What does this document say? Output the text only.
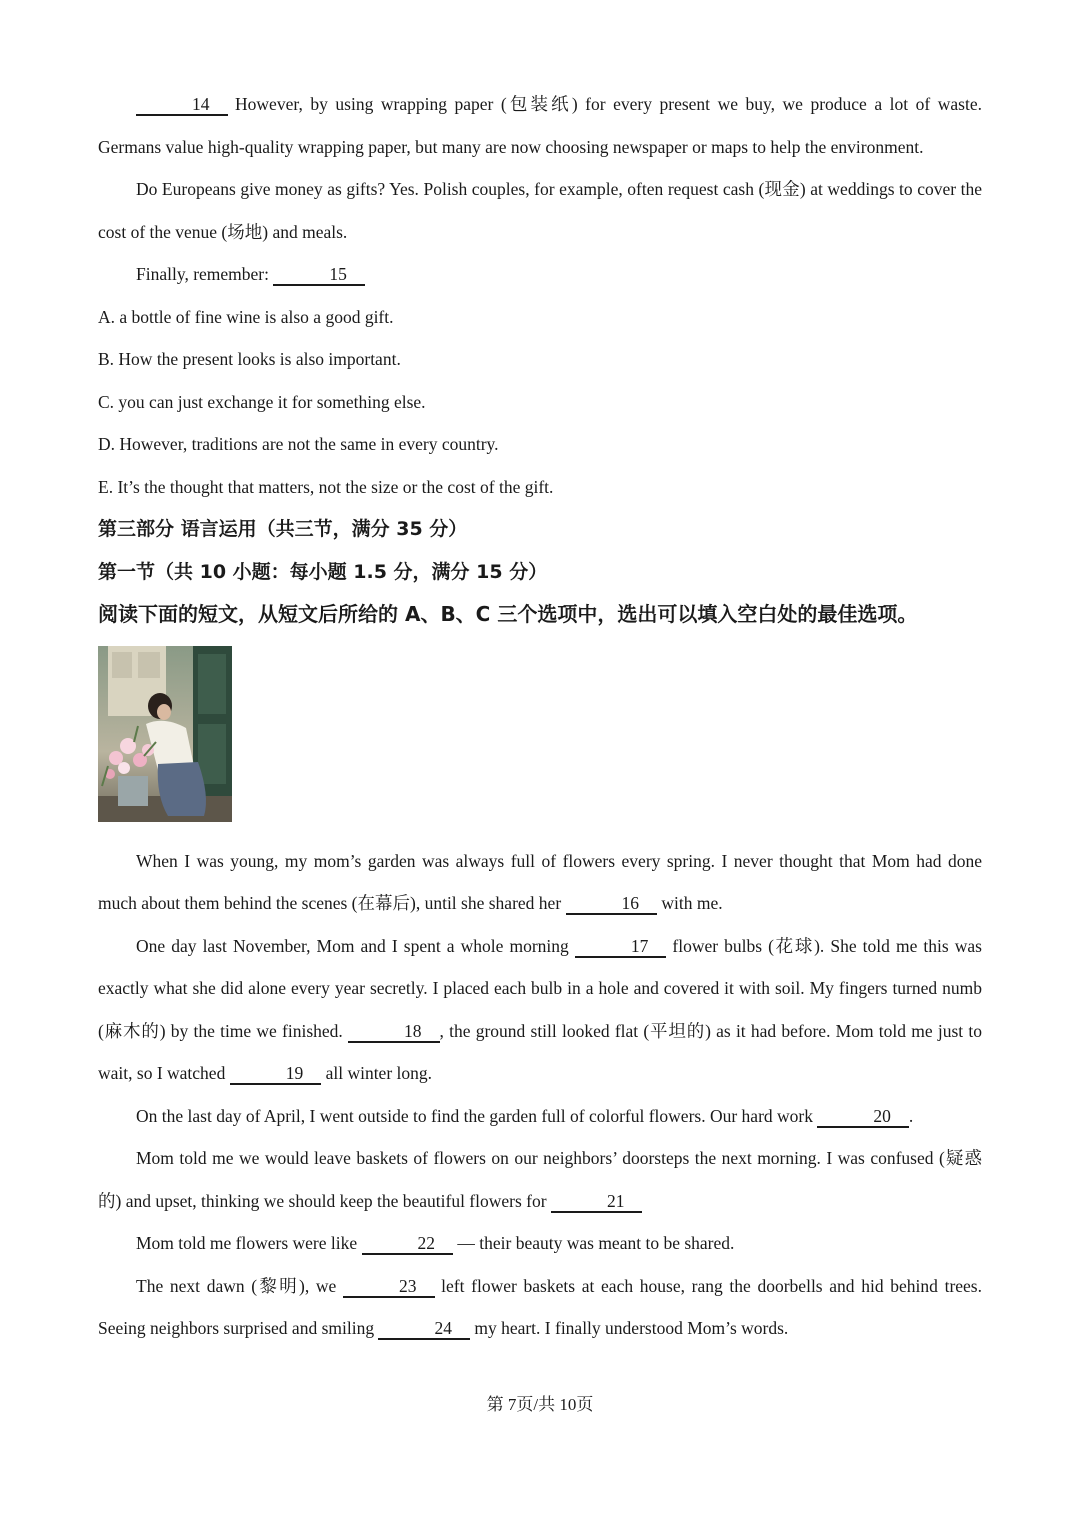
14 However, by using wrapping paper (包装纸) for every present we buy, we produce a lot of waste. Germans value high-quality wrapping paper, but many are now choosing newspaper or maps to help the environment.

Do Europeans give money as gifts? Yes. Polish couples, for example, often request cash (现金) at weddings to cover the cost of the venue (场地) and meals.

Finally, remember:	15

A. a bottle of fine wine is also a good gift.

B. How the present looks is also important.

C. you can just exchange it for something else.

D. However, traditions are not the same in every country.

E. It’s the thought that matters, not the size or the cost of the gift.

第三部分 语言运用（共三节，满分 35 分）
第一节（共 10 小题：每小题 1.5 分，满分 15 分）
阅读下面的短文，从短文后所给的 A、B、C 三个选项中，选出可以填入空白处的最佳选项。

When I was young, my mom’s garden was always full of flowers every spring. I never thought that Mom had done much about them behind the scenes (在幕后), until she shared her	16 with me.

One day last November, Mom and I spent a whole morning	17 flower bulbs (花球). She told me this was exactly what she did alone every year secretly. I placed each bulb in a hole and covered it with soil. My fingers turned numb (麻木的) by the time we finished.	18 , the ground still looked flat (平坦的) as it had before. Mom told me just to wait, so I watched	19 all winter long.

On the last day of April, I went outside to find the garden full of colorful flowers. Our hard work	20 .

Mom told me we would leave baskets of flowers on our neighbors’ doorsteps the next morning. I was confused (疑惑的) and upset, thinking we should keep the beautiful flowers for	21

Mom told me flowers were like	22 — their beauty was meant to be shared.

The next dawn (黎明), we	23 left flower baskets at each house, rang the doorbells and hid behind trees. Seeing neighbors surprised and smiling	24 my heart. I finally understood Mom’s words.

第 7页/共 10页
